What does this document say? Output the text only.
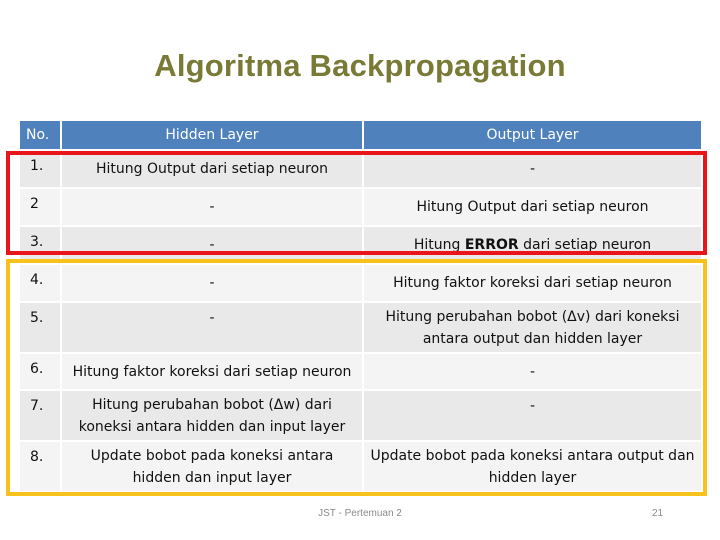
Algoritma Backpropagation
No.	Hidden Layer	Output Layer
1.	Hitung Output dari setiap neuron	-
2	-	Hitung Output dari setiap neuron
3.	-	Hitung ERROR dari setiap neuron
4.	-	Hitung faktor koreksi dari setiap neuron
5.	-	Hitung perubahan bobot (Δv) dari koneksi antara output dan hidden layer
6.	Hitung faktor koreksi dari setiap neuron	-
7.	Hitung perubahan bobot (Δw) dari koneksi antara hidden dan input layer	-
8.	Update bobot pada koneksi antara hidden dan input layer	Update bobot pada koneksi antara output dan hidden layer
JST - Pertemuan 2	21
